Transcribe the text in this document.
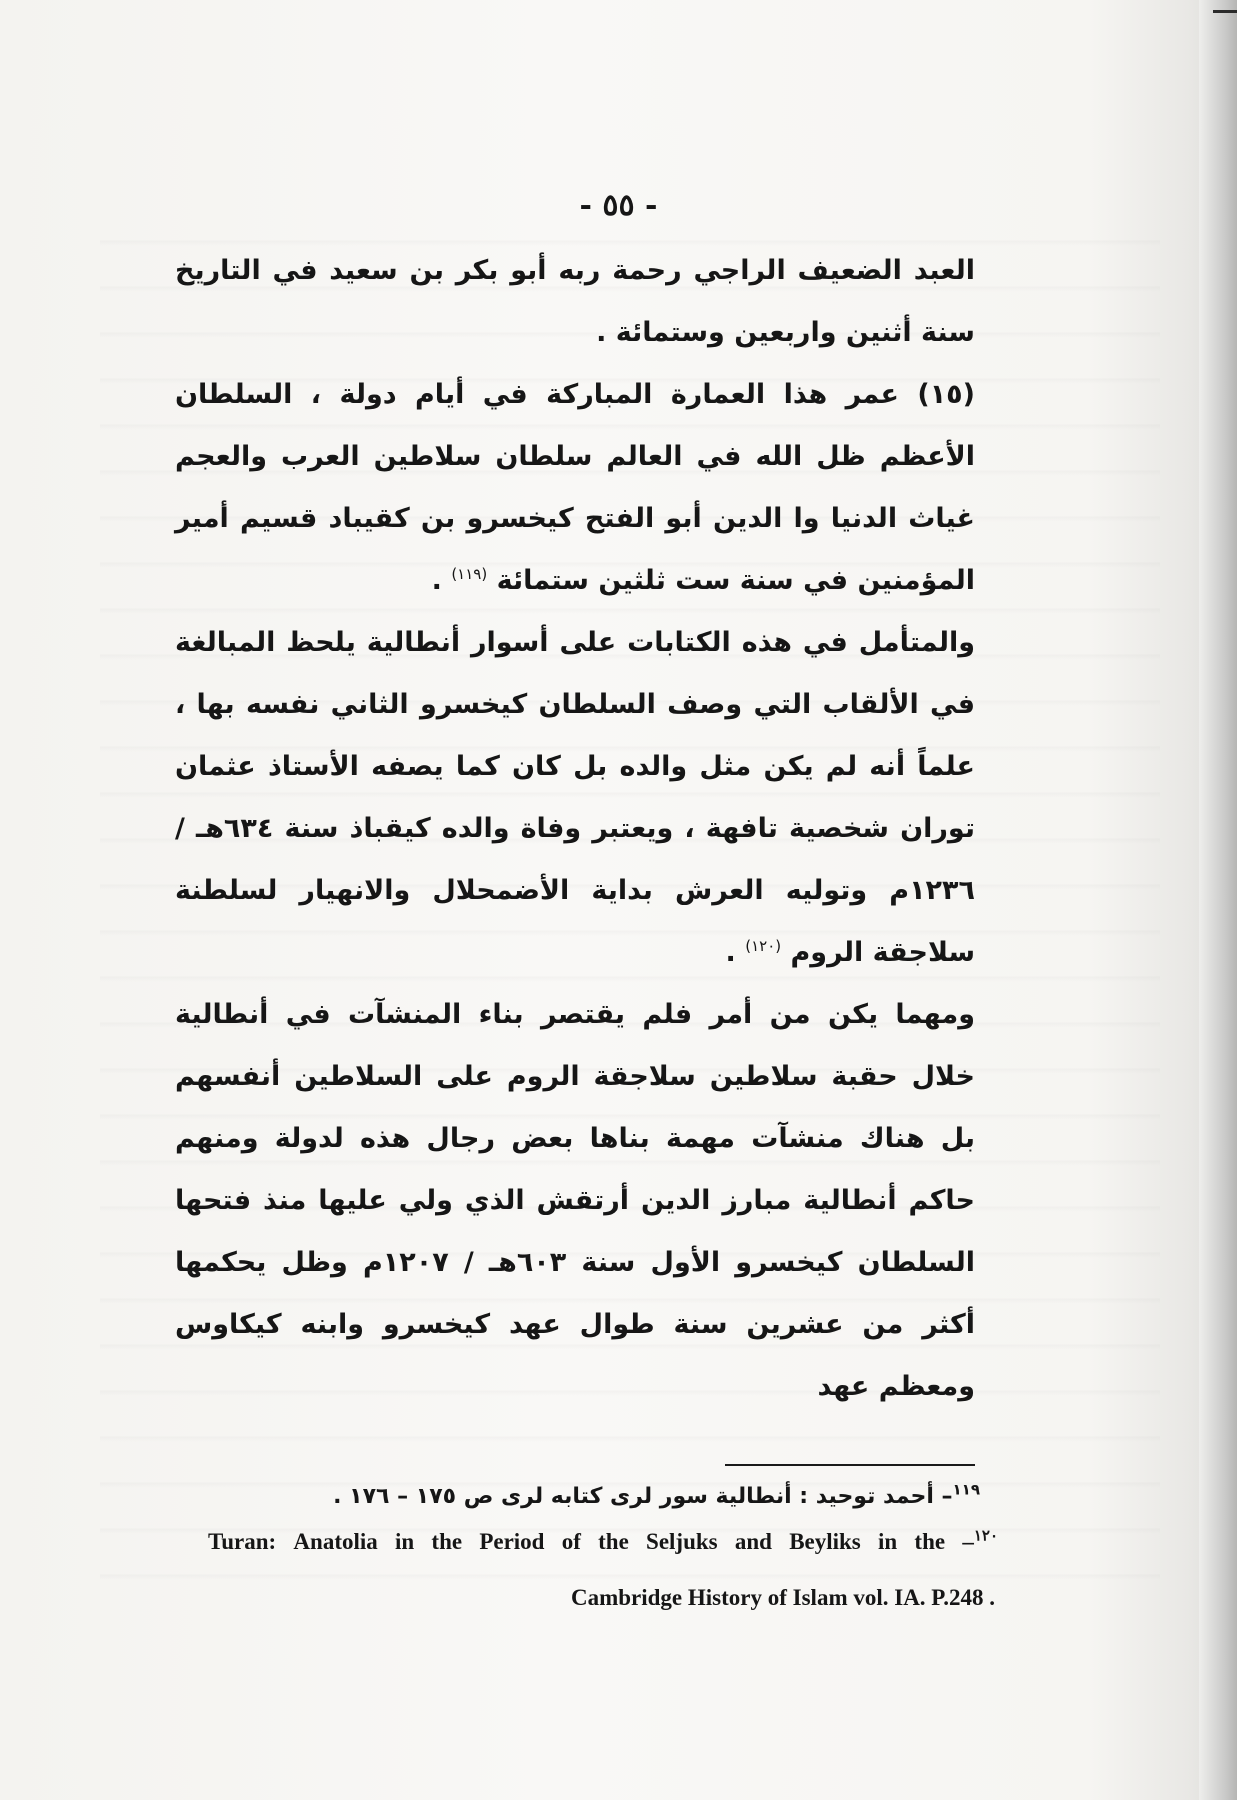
- ٥٥ -

العبد الضعيف الراجي رحمة ربه أبو بكر بن سعيد في التاريخ سنة أثنين واربعين وستمائة .

(١٥) عمر هذا العمارة المباركة في أيام دولة ، السلطان الأعظم ظل الله في العالم سلطان سلاطين العرب والعجم غياث الدنيا وا الدين أبو الفتح كيخسرو بن كقيباد قسيم أمير المؤمنين في سنة ست ثلثين ستمائة $^{(١١٩)}$ .

والمتأمل في هذه الكتابات على أسوار أنطالية يلحظ المبالغة في الألقاب التي وصف السلطان كيخسرو الثاني نفسه بها ، علماً أنه لم يكن مثل والده بل كان كما يصفه الأستاذ عثمان توران شخصية تافهة ، ويعتبر وفاة والده كيقباذ سنة ٦٣٤هـ / ١٢٣٦م وتوليه العرش بداية الأضمحلال والانهيار لسلطنة سلاجقة الروم $^{(١٢٠)}$ .

ومهما يكن من أمر فلم يقتصر بناء المنشآت في أنطالية خلال حقبة سلاطين سلاجقة الروم على السلاطين أنفسهم بل هناك منشآت مهمة بناها بعض رجال هذه لدولة ومنهم حاكم أنطالية مبارز الدين أرتقش الذي ولي عليها منذ فتحها السلطان كيخسرو الأول سنة ٦٠٣هـ / ١٢٠٧م وظل يحكمها أكثر من عشرين سنة طوال عهد كيخسرو وابنه كيكاوس ومعظم عهد

$^{١١٩}$– أحمد توحيد : أنطالية سور لرى كتابه لرى ص ١٧٥ – ١٧٦ .
Turan: Anatolia in the Period of the Seljuks and Beyliks in the –$^{١٢٠}$
Cambridge History of Islam vol. IA. P.248 .
